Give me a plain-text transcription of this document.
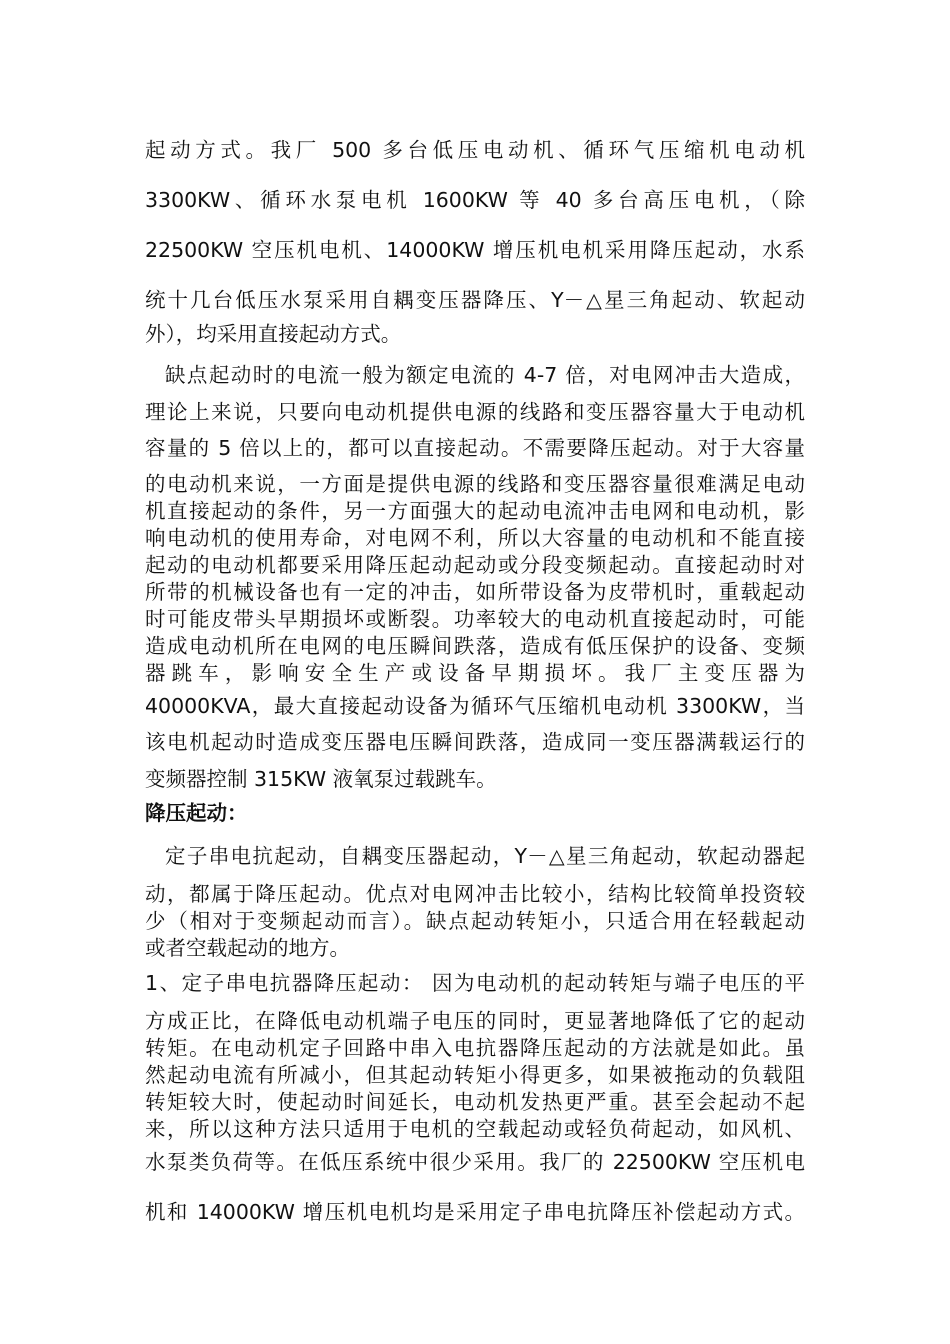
起动方式。我厂 500 多台低压电动机、循环气压缩机电动机
3300KW、循环水泵电机 1600KW 等 40 多台高压电机，（除
22500KW 空压机电机、14000KW 增压机电机采用降压起动，水系
统十几台低压水泵采用自耦变压器降压、Y－△星三角起动、软起动
外），均采用直接起动方式。
缺点起动时的电流一般为额定电流的 4-7 倍，对电网冲击大造成，
理论上来说，只要向电动机提供电源的线路和变压器容量大于电动机
容量的 5 倍以上的，都可以直接起动。不需要降压起动。对于大容量
的电动机来说，一方面是提供电源的线路和变压器容量很难满足电动
机直接起动的条件，另一方面强大的起动电流冲击电网和电动机，影
响电动机的使用寿命，对电网不利，所以大容量的电动机和不能直接
起动的电动机都要采用降压起动起动或分段变频起动。直接起动时对
所带的机械设备也有一定的冲击，如所带设备为皮带机时，重载起动
时可能皮带头早期损坏或断裂。功率较大的电动机直接起动时，可能
造成电动机所在电网的电压瞬间跌落，造成有低压保护的设备、变频
器跳车，影响安全生产或设备早期损坏。我厂主变压器为
40000KVA，最大直接起动设备为循环气压缩机电动机 3300KW，当
该电机起动时造成变压器电压瞬间跌落，造成同一变压器满载运行的
变频器控制 315KW 液氧泵过载跳车。
降压起动：
定子串电抗起动，自耦变压器起动，Y－△星三角起动，软起动器起
动，都属于降压起动。优点对电网冲击比较小，结构比较简单投资较
少（相对于变频起动而言）。缺点起动转矩小，只适合用在轻载起动
或者空载起动的地方。
1、定子串电抗器降压起动： 因为电动机的起动转矩与端子电压的平
方成正比，在降低电动机端子电压的同时，更显著地降低了它的起动
转矩。在电动机定子回路中串入电抗器降压起动的方法就是如此。虽
然起动电流有所减小，但其起动转矩小得更多，如果被拖动的负载阻
转矩较大时，使起动时间延长，电动机发热更严重。甚至会起动不起
来，所以这种方法只适用于电机的空载起动或轻负荷起动，如风机、
水泵类负荷等。在低压系统中很少采用。我厂的 22500KW 空压机电
机和 14000KW 增压机电机均是采用定子串电抗降压补偿起动方式。
